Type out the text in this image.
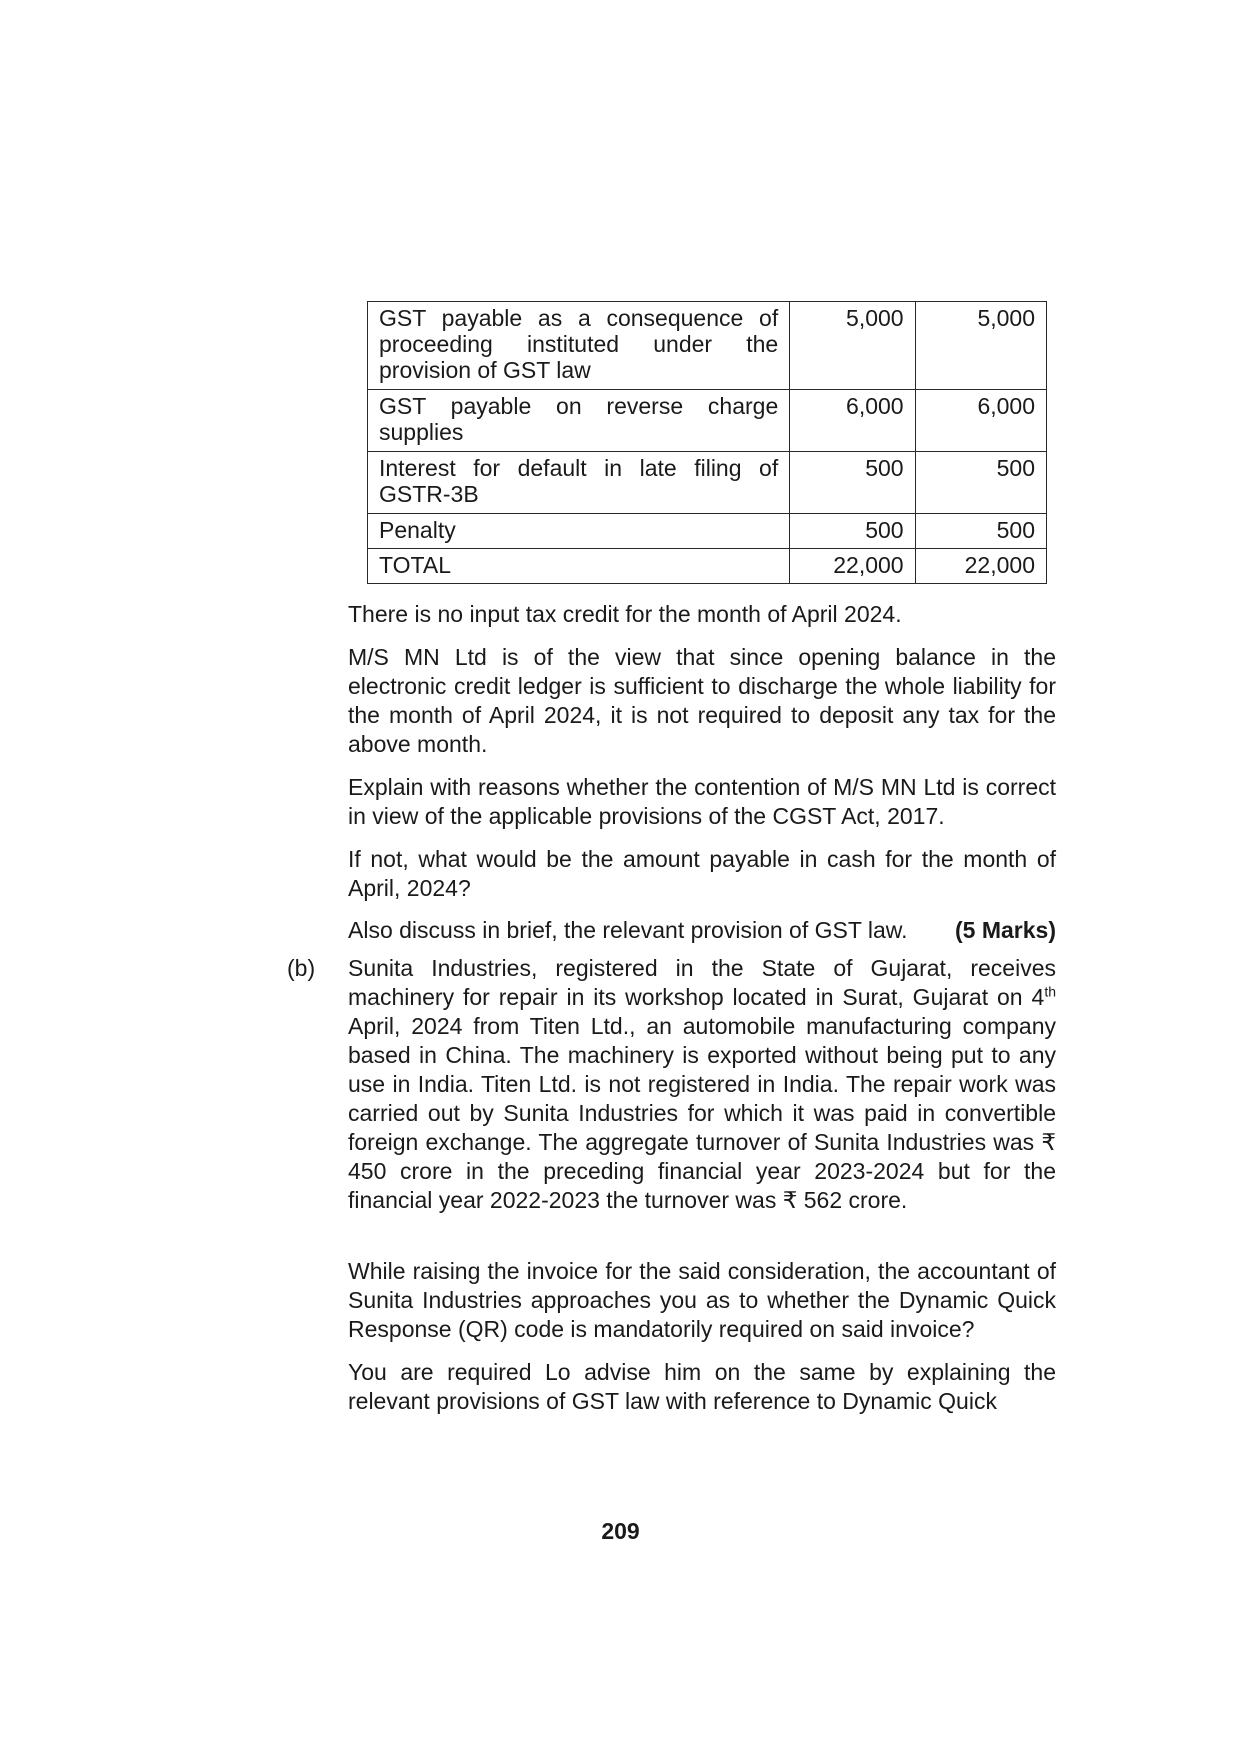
GST payable as a consequence of proceeding instituted under the provision of GST law	5,000	5,000
GST payable on reverse charge supplies	6,000	6,000
Interest for default in late filing of GSTR-3B	500	500
Penalty	500	500
TOTAL	22,000	22,000

There is no input tax credit for the month of April 2024.

M/S MN Ltd is of the view that since opening balance in the electronic credit ledger is sufficient to discharge the whole liability for the month of April 2024, it is not required to deposit any tax for the above month.

Explain with reasons whether the contention of M/S MN Ltd is correct in view of the applicable provisions of the CGST Act, 2017.

If not, what would be the amount payable in cash for the month of April, 2024?

Also discuss in brief, the relevant provision of GST law. (5 Marks)

(b) Sunita Industries, registered in the State of Gujarat, receives machinery for repair in its workshop located in Surat, Gujarat on 4th April, 2024 from Titen Ltd., an automobile manufacturing company based in China. The machinery is exported without being put to any use in India. Titen Ltd. is not registered in India. The repair work was carried out by Sunita Industries for which it was paid in convertible foreign exchange. The aggregate turnover of Sunita Industries was ₹ 450 crore in the preceding financial year 2023-2024 but for the financial year 2022-2023 the turnover was ₹ 562 crore.

While raising the invoice for the said consideration, the accountant of Sunita Industries approaches you as to whether the Dynamic Quick Response (QR) code is mandatorily required on said invoice?

You are required Lo advise him on the same by explaining the relevant provisions of GST law with reference to Dynamic Quick

209
